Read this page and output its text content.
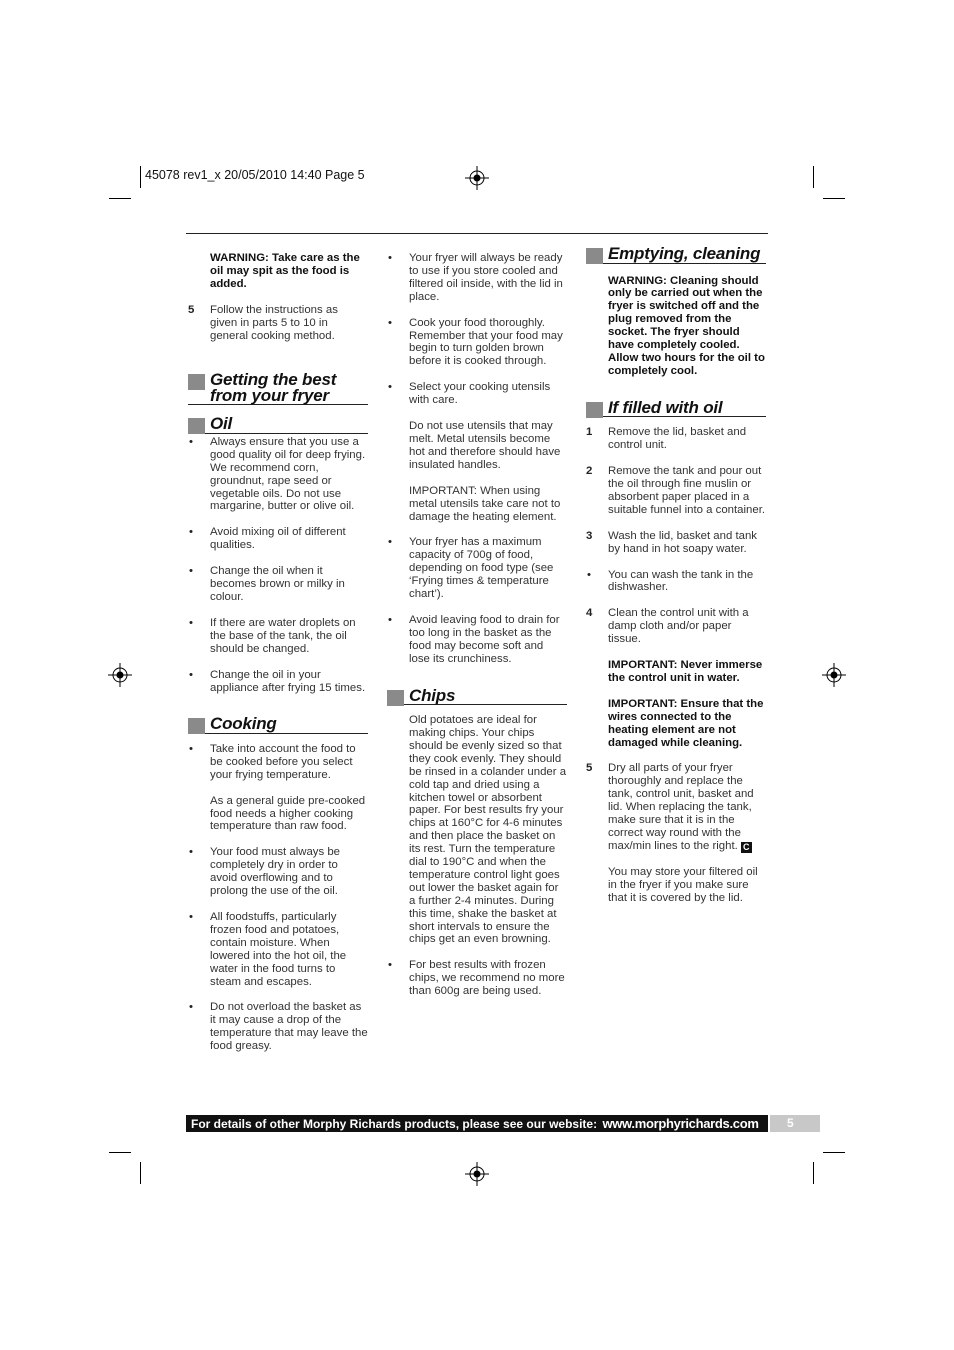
45078 rev1_x 20/05/2010 14:40 Page 5

WARNING: Take care as the oil may spit as the food is added.

5 Follow the instructions as given in parts 5 to 10 in general cooking method.

Getting the best from your fryer
Oil
• Always ensure that you use a good quality oil for deep frying. We recommend corn, groundnut, rape seed or vegetable oils. Do not use margarine, butter or olive oil.

• Avoid mixing oil of different qualities.

• Change the oil when it becomes brown or milky in colour.

• If there are water droplets on the base of the tank, the oil should be changed.

• Change the oil in your appliance after frying 15 times.

Cooking
• Take into account the food to be cooked before you select your frying temperature.

As a general guide pre-cooked food needs a higher cooking temperature than raw food.

• Your food must always be completely dry in order to avoid overflowing and to prolong the use of the oil.

• All foodstuffs, particularly frozen food and potatoes, contain moisture. When lowered into the hot oil, the water in the food turns to steam and escapes.

• Do not overload the basket as it may cause a drop of the temperature that may leave the food greasy.

• Your fryer will always be ready to use if you store cooled and filtered oil inside, with the lid in place.

• Cook your food thoroughly. Remember that your food may begin to turn golden brown before it is cooked through.

• Select your cooking utensils with care.

Do not use utensils that may melt. Metal utensils become hot and therefore should have insulated handles.

IMPORTANT: When using metal utensils take care not to damage the heating element.

• Your fryer has a maximum capacity of 700g of food, depending on food type (see ‘Frying times & temperature chart’).

• Avoid leaving food to drain for too long in the basket as the food may become soft and lose its crunchiness.

Chips

Old potatoes are ideal for making chips. Your chips should be evenly sized so that they cook evenly. They should be rinsed in a colander under a cold tap and dried using a kitchen towel or absorbent paper. For best results fry your chips at 160°C for 4-6 minutes and then place the basket on its rest. Turn the temperature dial to 190°C and when the temperature control light goes out lower the basket again for a further 2-4 minutes. During this time, shake the basket at short intervals to ensure the chips get an even browning.

• For best results with frozen chips, we recommend no more than 600g are being used.

Emptying, cleaning

WARNING: Cleaning should only be carried out when the fryer is switched off and the plug removed from the socket. The fryer should have completely cooled. Allow two hours for the oil to completely cool.

If filled with oil
1 Remove the lid, basket and control unit.

2 Remove the tank and pour out the oil through fine muslin or absorbent paper placed in a suitable funnel into a container.

3 Wash the lid, basket and tank by hand in hot soapy water.

• You can wash the tank in the dishwasher.

4 Clean the control unit with a damp cloth and/or paper tissue.

IMPORTANT: Never immerse the control unit in water.

IMPORTANT: Ensure that the wires connected to the heating element are not damaged while cleaning.

5 Dry all parts of your fryer thoroughly and replace the tank, control unit, basket and lid. When replacing the tank, make sure that it is in the correct way round with the max/min lines to the right. C

You may store your filtered oil in the fryer if you make sure that it is covered by the lid.

For details of other Morphy Richards products, please see our website: www.morphyrichards.com	5
